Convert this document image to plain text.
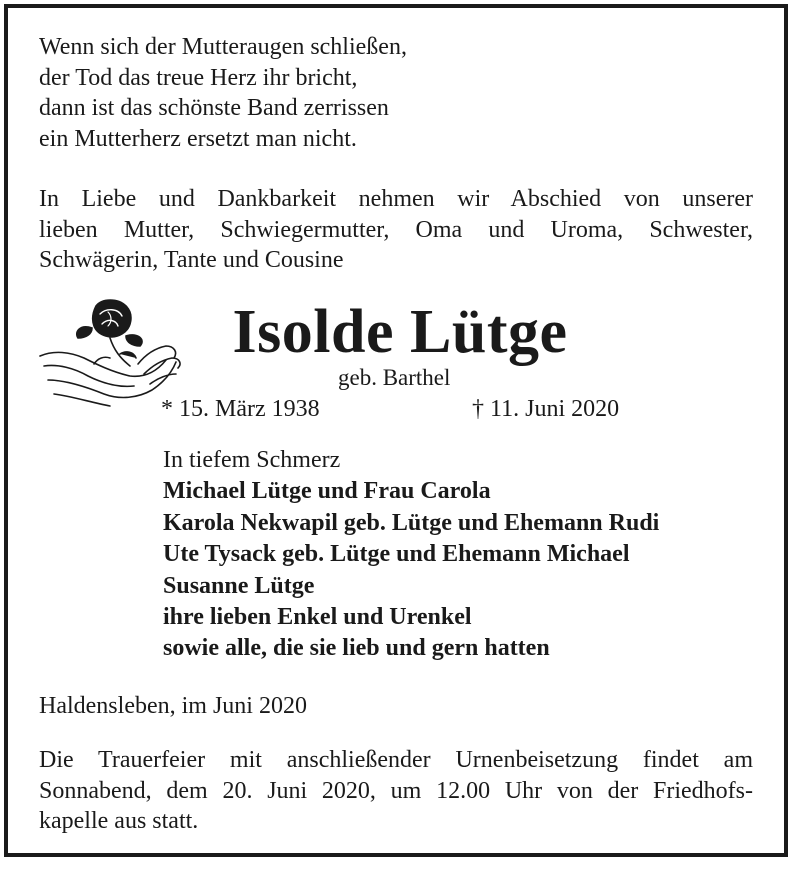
Wenn sich der Mutteraugen schließen,
der Tod das treue Herz ihr bricht,
dann ist das schönste Band zerrissen
ein Mutterherz ersetzt man nicht.
In Liebe und Dankbarkeit nehmen wir Abschied von unserer
lieben Mutter, Schwiegermutter, Oma und Uroma, Schwester,
Schwägerin, Tante und Cousine
Isolde Lütge
geb. Barthel
* 15. März 1938	† 11. Juni 2020
In tiefem Schmerz
Michael Lütge und Frau Carola
Karola Nekwapil geb. Lütge und Ehemann Rudi
Ute Tysack geb. Lütge und Ehemann Michael
Susanne Lütge
ihre lieben Enkel und Urenkel
sowie alle, die sie lieb und gern hatten
Haldensleben, im Juni 2020
Die Trauerfeier mit anschließender Urnenbeisetzung findet am
Sonnabend, dem 20. Juni 2020, um 12.00 Uhr von der Friedhofs-
kapelle aus statt.
